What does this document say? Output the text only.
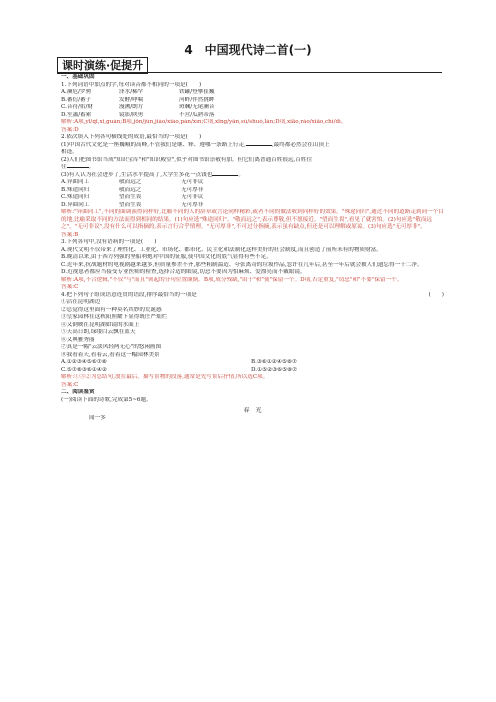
4　中国现代诗二首(一)
课时演练·促提升
一、基础巩固
1.下列词语中加点的字,每对读音都不相同的一项是(　　)
A.濒危/罗骋	泽水/稀罕	铁罐/登攀崔巍
B.蕃衍/蕃子	发酵/哮喘	河畔/伴然挑衅
C.音符/佑/财	漫溯/朗方	斑斓/无尾澜音
D.笙簫/蓄索	镜影/陕勇	不营/瓜熟蒂落
解析:A项,yī/qī,xǐ,guàn;B项,jǒn/jùn,jiào/xiào,pàn/xìn;C项,xīng/yǎn,sù/shuò,lán;D项,xiāo,ráo/xiǎo,chì/dì。
答案:D
2.依次填入下列各句横线处的成语,最恰当的一项是(　　)
(1)中国古代文化是一座巍峨的高峰,不管我们是继、释、遵哪一条路上行走,	,最终都必然会在山顶上
相逢。
(2)人们把图书馆当成"知识宝库"和"知识殿堂",似乎对图书馆崇敬有加。但它们离普通百姓很远,百姓往
往	。
(3)有人认为社会进步了,生活水平提高了,大学生多花一点钱也	。
A.异曲同工	敬而远之	无可非议
B.殊途同归	敬而远之	无可厚非
C.殊途同归	望而生畏	无可非议
D.异曲同工	望而生畏	无可厚非
解析:"异曲同工",不同的曲调演得同样好,比喻不同的人的辞章或言论同样精彩,或者不同的做法收到同样好的效果。"殊途同归",通过不同的道路走到同一个目的地,比喻采取不同的方法而得到相同的结果。(1)句应选"殊途同归"。"敬而远之",表示尊敬,但不愿接近。"望而生畏",看见了就害怕。(2)句应选"敬而远之"。"无可非议",没有什么可以指摘的,表示言行合乎情理。"无可厚非",不可过分指摘,表示虽有缺点,但还是可以理解或原谅。(3)句应选"无可厚非"。
答案:B
3.下列各句中,没有语病的一项是(　　)
A.现代文明不仅带来了理性化、工业化、市场化、都市化、民主化和法制化这样美好的社会制度,而且创造了前所未有的物质财富。
B.晚清以来,由于西方列强的坚船利炮对中国的征服,使中国文化的底气显得有些不足。
C.近年来,抗战题材的电视剧越来越多,但质量参差不齐,那些粗制滥造、夸张离奇的垃圾作品,忽许在几年后,甚至一年后就会被人们遗忘得一干二净。
D.近视患者都应当接受专业医师的检查,选择合适的眼镜,切忌不要因为怕麻烦、爱漂亮而不戴眼镜。
解析:A项,不合逻辑,"不仅"与"而且"领起的分句位置颠倒。B项,成分残缺,"由于"和"使"保留一个。D项,否定重复,"切忌"和"不要"保留一个。
答案:C
4.把下列句子组成语意连贯的语段,排序最恰当的一项是	(　　)
①沾在昆明湖边
②总觉得这里面有一种莫名其妙的荒诞感
③皇家园林在这秋阳照耀下显得既庄严灿烂
④又倒映在昆明湖如镜的水面上
⑤天高日朗,绿缕白云飘在蓝天
⑥又典雅秀丽
⑦真是一幅"云淡风轻两无心"的悠闲画图
⑧我看着天,看着云,看着这一幅园林美景
A.①②③④⑤⑥⑦⑧	B.③⑥①②④⑤⑧⑦
C.⑤⑦⑧③⑥①④②	D.①⑤②③⑥⑤⑧⑦
解析:①③②为总结句,放在最后。描写景物的段落,通常是先写景后抒情,所以选C项。
答案:C
二、阅读鉴赏
(一)阅读下面的诗歌,完成第5~6题。
春　光
闻一多
